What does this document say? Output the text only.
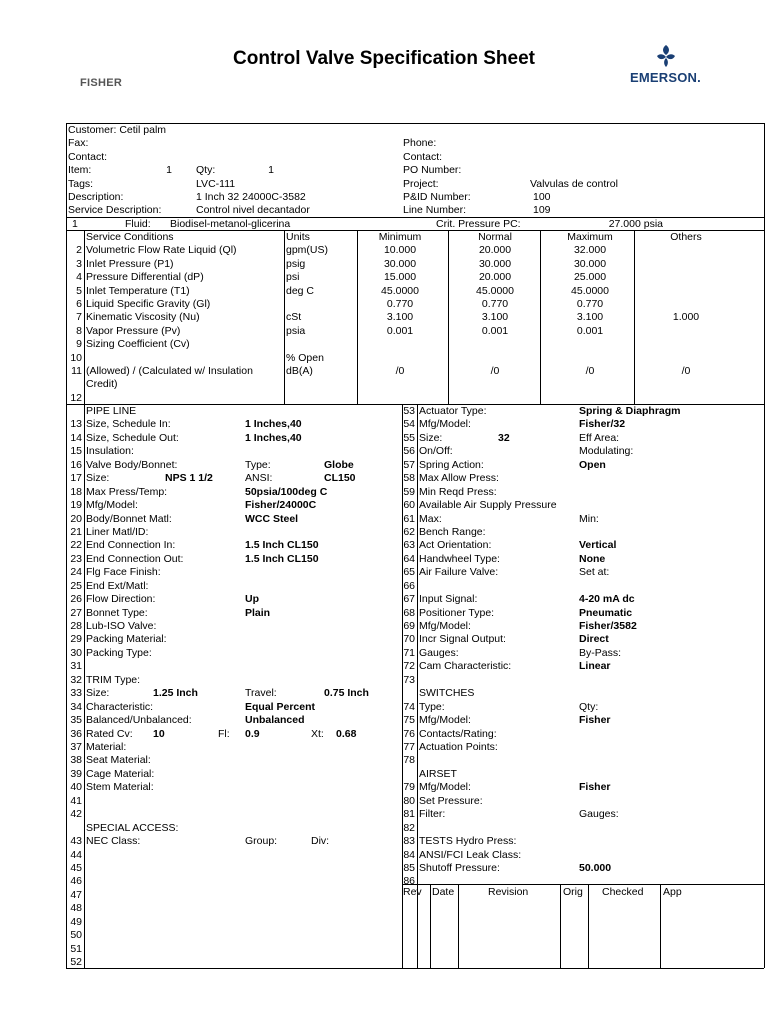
Control Valve Specification Sheet
FISHER	EMERSON.
Customer: Cetil palm
Fax:	Phone:
Contact:	Contact:
Item:	1	PO Number:
Tags:	LVC-111	Project:	Valvulas de control
Description:	1 Inch 32 24000C-3582	P&ID Number:	100
Service Description:	Control nivel decantador	Line Number:	109
Qty:	1
1	Fluid: Biodisel-metanol-glicerina	Crit. Pressure PC:	27.000 psia
Service Conditions	Units	Minimum	Normal	Maximum	Others
2 Volumetric Flow Rate Liquid (Ql)	gpm(US)	10.000	20.000	32.000
3 Inlet Pressure (P1)	psig	30.000	30.000	30.000
4 Pressure Differential (dP)	psi	15.000	20.000	25.000
5 Inlet Temperature (T1)	deg C	45.0000	45.0000	45.0000
6 Liquid Specific Gravity (Gl)	0.770	0.770	0.770
7 Kinematic Viscosity (Nu)	cSt	3.100	3.100	3.100	1.000
8 Vapor Pressure (Pv)	psia	0.001	0.001	0.001
9 Sizing Coefficient (Cv)
10	% Open
11 (Allowed) / (Calculated w/ Insulation	dB(A)	/0	/0	/0	/0
Credit)
12
PIPE LINE
13 Size, Schedule In:	1 Inches,40
14 Size, Schedule Out:	1 Inches,40
15 Insulation:
16 Valve Body/Bonnet:	Type:	Globe
17 Size:	NPS 1 1/2	ANSI:	CL150
18 Max Press/Temp:	50psia/100deg C
19 Mfg/Model:	Fisher/24000C
20 Body/Bonnet Matl:	WCC Steel
21 Liner Matl/ID:
22 End Connection In:	1.5 Inch CL150
23 End Connection Out:	1.5 Inch CL150
24 Flg Face Finish:
25 End Ext/Matl:
26 Flow Direction:	Up
27 Bonnet Type:	Plain
28 Lub-ISO Valve:
29 Packing Material:
30 Packing Type:
31
32 TRIM Type:
33 Size:	1.25 Inch	Travel:	0.75 Inch
34 Characteristic:	Equal Percent
35 Balanced/Unbalanced:	Unbalanced
36 Rated Cv: 10	Fl: 0.9	Xt: 0.68
37 Material:
38 Seat Material:
39 Cage Material:
40 Stem Material:
41
42
SPECIAL ACCESS:
43 NEC Class:	Group:	Div:
44
45
46
47
48
49
50
51
52
53 Actuator Type:	Spring & Diaphragm
54 Mfg/Model:	Fisher/32
55 Size:	32	Eff Area:
56 On/Off:	Modulating:
57 Spring Action:	Open
58 Max Allow Press:
59 Min Reqd Press:
60 Available Air Supply Pressure
61 Max:	Min:
62 Bench Range:
63 Act Orientation:	Vertical
64 Handwheel Type:	None
65 Air Failure Valve:	Set at:
66
67 Input Signal:	4-20 mA dc
68 Positioner Type:	Pneumatic
69 Mfg/Model:	Fisher/3582
70 Incr Signal Output:	Direct
71 Gauges:	By-Pass:
72 Cam Characteristic:	Linear
73
SWITCHES
74 Type:	Qty:
75 Mfg/Model:	Fisher
76 Contacts/Rating:
77 Actuation Points:
78
AIRSET
79 Mfg/Model:	Fisher
80 Set Pressure:
81 Filter:	Gauges:
82
83 TESTS Hydro Press:
84 ANSI/FCI Leak Class:
85 Shutoff Pressure:	50.000
86
Rev Date	Revision	Orig Checked App
